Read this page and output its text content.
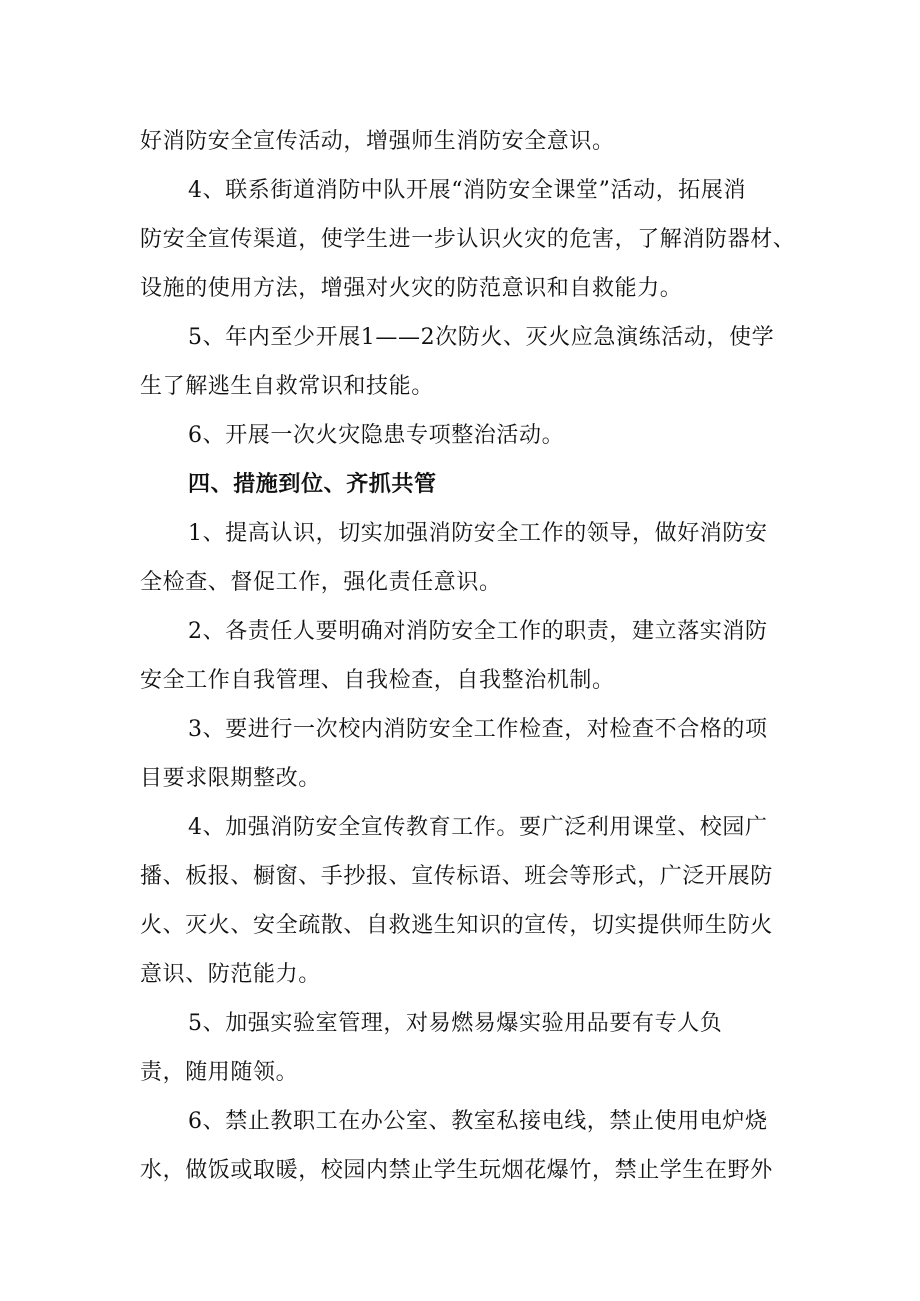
好消防安全宣传活动，增强师生消防安全意识。
4、联系街道消防中队开展“消防安全课堂”活动，拓展消
防安全宣传渠道，使学生进一步认识火灾的危害，了解消防器材、
设施的使用方法，增强对火灾的防范意识和自救能力。
5、年内至少开展1——2次防火、灭火应急演练活动，使学
生了解逃生自救常识和技能。
6、开展一次火灾隐患专项整治活动。
四、措施到位、齐抓共管
1、提高认识，切实加强消防安全工作的领导，做好消防安
全检查、督促工作，强化责任意识。
2、各责任人要明确对消防安全工作的职责，建立落实消防
安全工作自我管理、自我检查，自我整治机制。
3、要进行一次校内消防安全工作检查，对检查不合格的项
目要求限期整改。
4、加强消防安全宣传教育工作。要广泛利用课堂、校园广
播、板报、橱窗、手抄报、宣传标语、班会等形式，广泛开展防
火、灭火、安全疏散、自救逃生知识的宣传，切实提供师生防火
意识、防范能力。
5、加强实验室管理，对易燃易爆实验用品要有专人负
责，随用随领。
6、禁止教职工在办公室、教室私接电线，禁止使用电炉烧
水，做饭或取暖，校园内禁止学生玩烟花爆竹，禁止学生在野外
